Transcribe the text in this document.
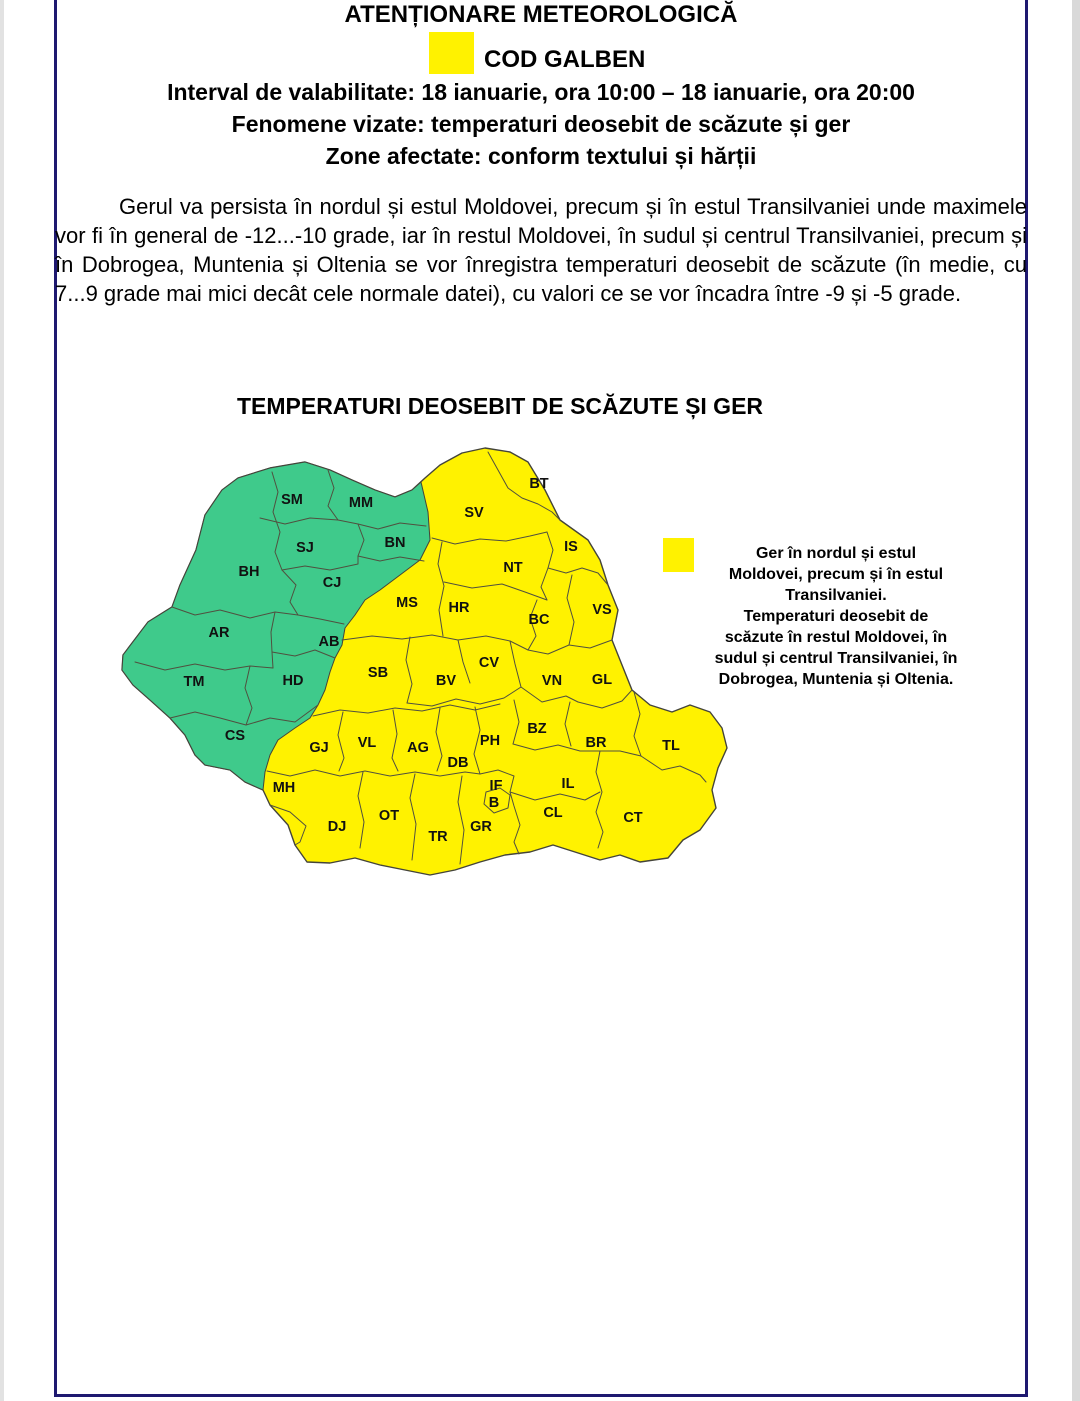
ATENȚIONARE METEOROLOGICĂ
COD GALBEN
Interval de valabilitate: 18 ianuarie, ora 10:00 – 18 ianuarie, ora 20:00
Fenomene vizate: temperaturi deosebit de scăzute și ger
Zone afectate: conform textului și hărții
Gerul va persista în nordul și estul Moldovei, precum și în estul Transilvaniei unde maximele vor fi în general de -12...-10 grade, iar în restul Moldovei, în sudul și centrul Transilvaniei, precum și în Dobrogea, Muntenia și Oltenia se vor înregistra temperaturi deosebit de scăzute (în medie, cu 7...9 grade mai mici decât cele normale datei), cu valori ce se vor încadra între -9 și -5 grade.
TEMPERATURI DEOSEBIT DE SCĂZUTE ȘI GER
SM	MM
SJ	BN
BH
CJ
AR
AB
TM	HD
CS
BT
SV
IS
NT
MS HR	VS
BC
CV
SB	BV	VN GL
BZ
VL
GJ	AG	PH	BR	TL
DB
MH	IF	IL
B
OT	CL
DJ
CT
TR
GR
Ger în nordul și estul
Moldovei, precum și în estul
Transilvaniei.
Temperaturi deosebit de
scăzute în restul Moldovei, în
sudul și centrul Transilvaniei, în
Dobrogea, Muntenia și Oltenia.
